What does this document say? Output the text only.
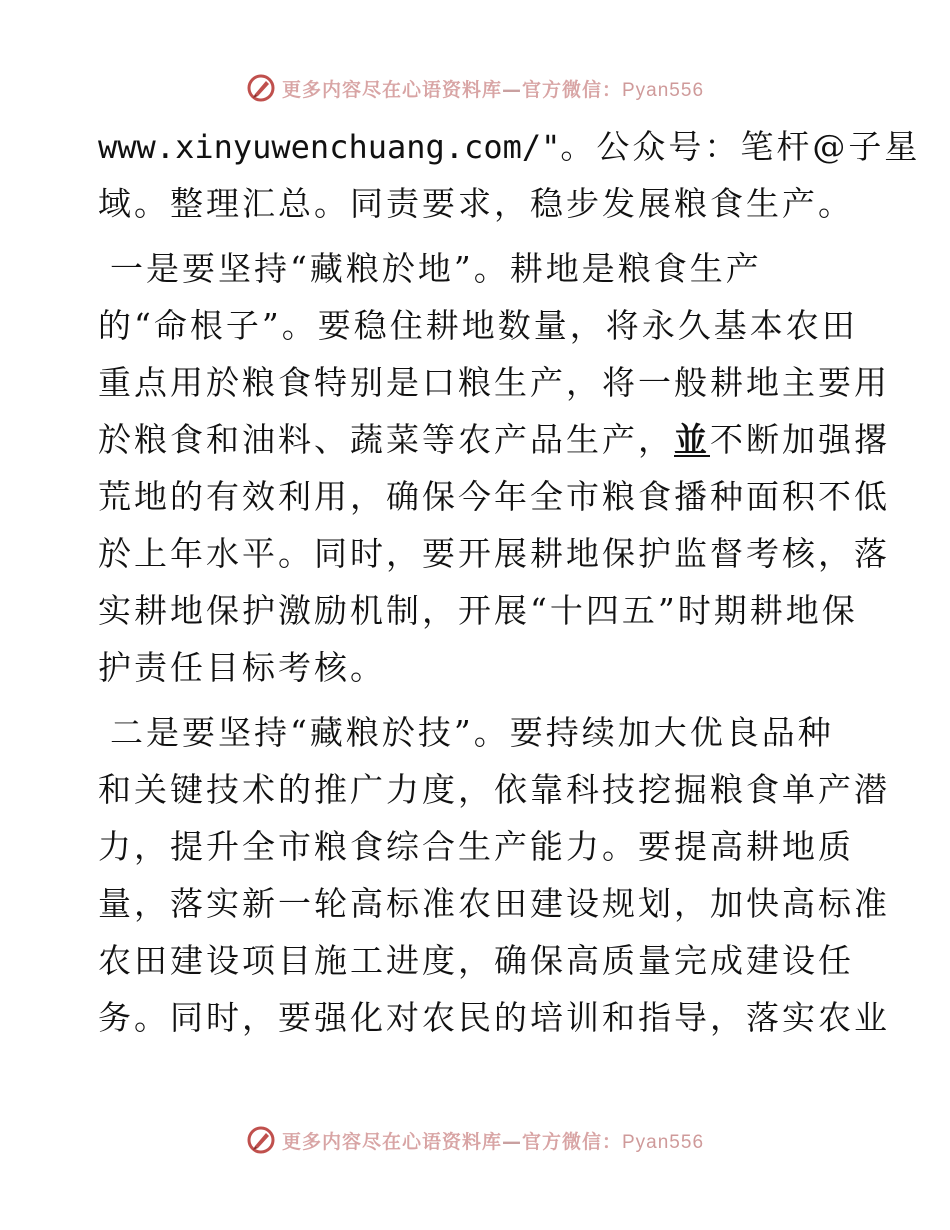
更多内容尽在心语资料库—官方微信：Pyan556
www.xinyuwenchuang.com/"。公众号：笔杆@子星
域。整理汇总。同责要求，稳步发展粮食生产。
一是要坚持“藏粮於地”。耕地是粮食生产
的“命根子”。要稳住耕地数量，将永久基本农田
重点用於粮食特别是口粮生产，将一般耕地主要用
於粮食和油料、蔬菜等农产品生产，並不断加强撂
荒地的有效利用，确保今年全市粮食播种面积不低
於上年水平。同时，要开展耕地保护监督考核，落
实耕地保护激励机制，开展“十四五”时期耕地保
护责任目标考核。
二是要坚持“藏粮於技”。要持续加大优良品种
和关键技术的推广力度，依靠科技挖掘粮食单产潜
力，提升全市粮食综合生产能力。要提高耕地质
量，落实新一轮高标准农田建设规划，加快高标准
农田建设项目施工进度，确保高质量完成建设任
务。同时，要强化对农民的培训和指导，落实农业
更多内容尽在心语资料库—官方微信：Pyan556
